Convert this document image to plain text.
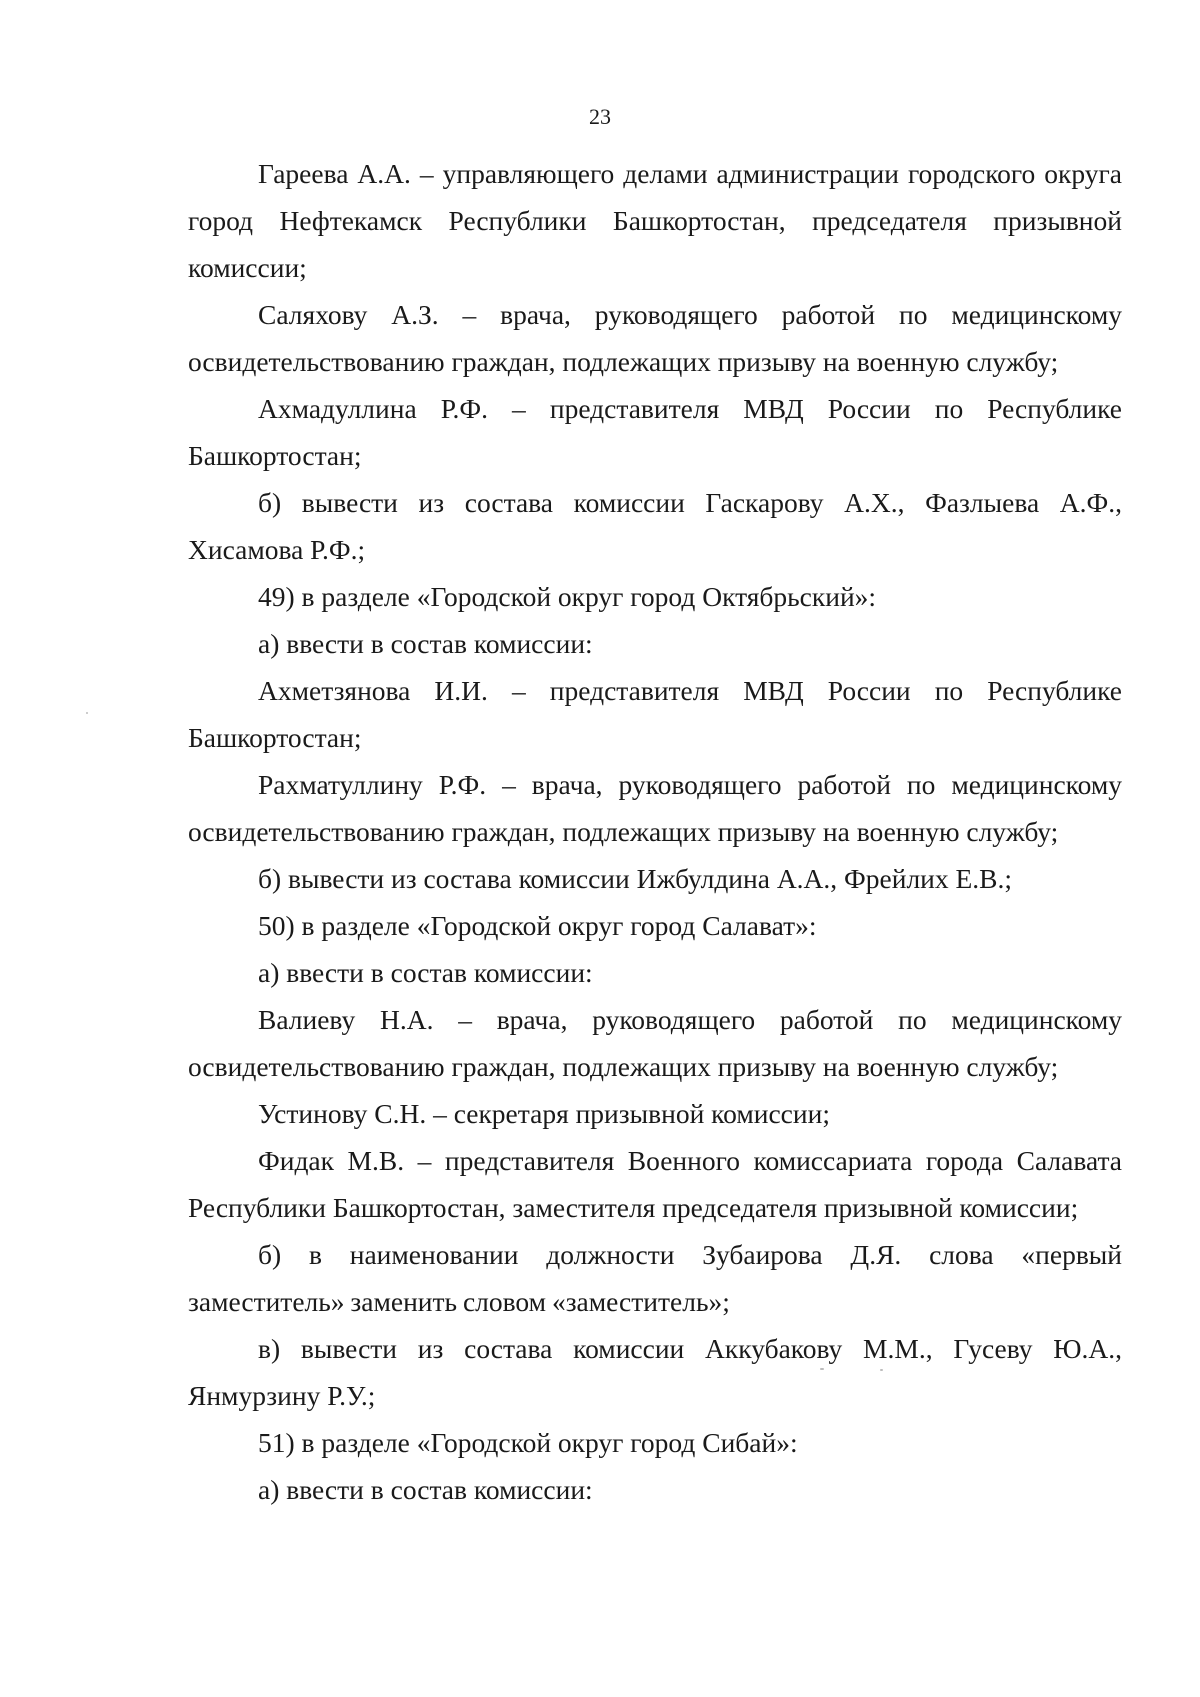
23

Гареева А.А. – управляющего делами администрации городского округа город Нефтекамск Республики Башкортостан, председателя призывной комиссии;

Саляхову А.З. – врача, руководящего работой по медицинскому освидетельствованию граждан, подлежащих призыву на военную службу;

Ахмадуллина Р.Ф. – представителя МВД России по Республике Башкортостан;

б) вывести из состава комиссии Гаскарову А.Х., Фазлыева А.Ф., Хисамова Р.Ф.;

49) в разделе «Городской округ город Октябрьский»:

а) ввести в состав комиссии:

Ахметзянова И.И. – представителя МВД России по Республике Башкортостан;

Рахматуллину Р.Ф. – врача, руководящего работой по медицинскому освидетельствованию граждан, подлежащих призыву на военную службу;

б) вывести из состава комиссии Ижбулдина А.А., Фрейлих Е.В.;

50) в разделе «Городской округ город Салават»:

а) ввести в состав комиссии:

Валиеву Н.А. – врача, руководящего работой по медицинскому освидетельствованию граждан, подлежащих призыву на военную службу;

Устинову С.Н. – секретаря призывной комиссии;

Фидак М.В. – представителя Военного комиссариата города Салавата Республики Башкортостан, заместителя председателя призывной комиссии;

б) в наименовании должности Зубаирова Д.Я. слова «первый заместитель» заменить словом «заместитель»;

в) вывести из состава комиссии Аккубакову М.М., Гусеву Ю.А., Янмурзину Р.У.;

51) в разделе «Городской округ город Сибай»:

а) ввести в состав комиссии:
